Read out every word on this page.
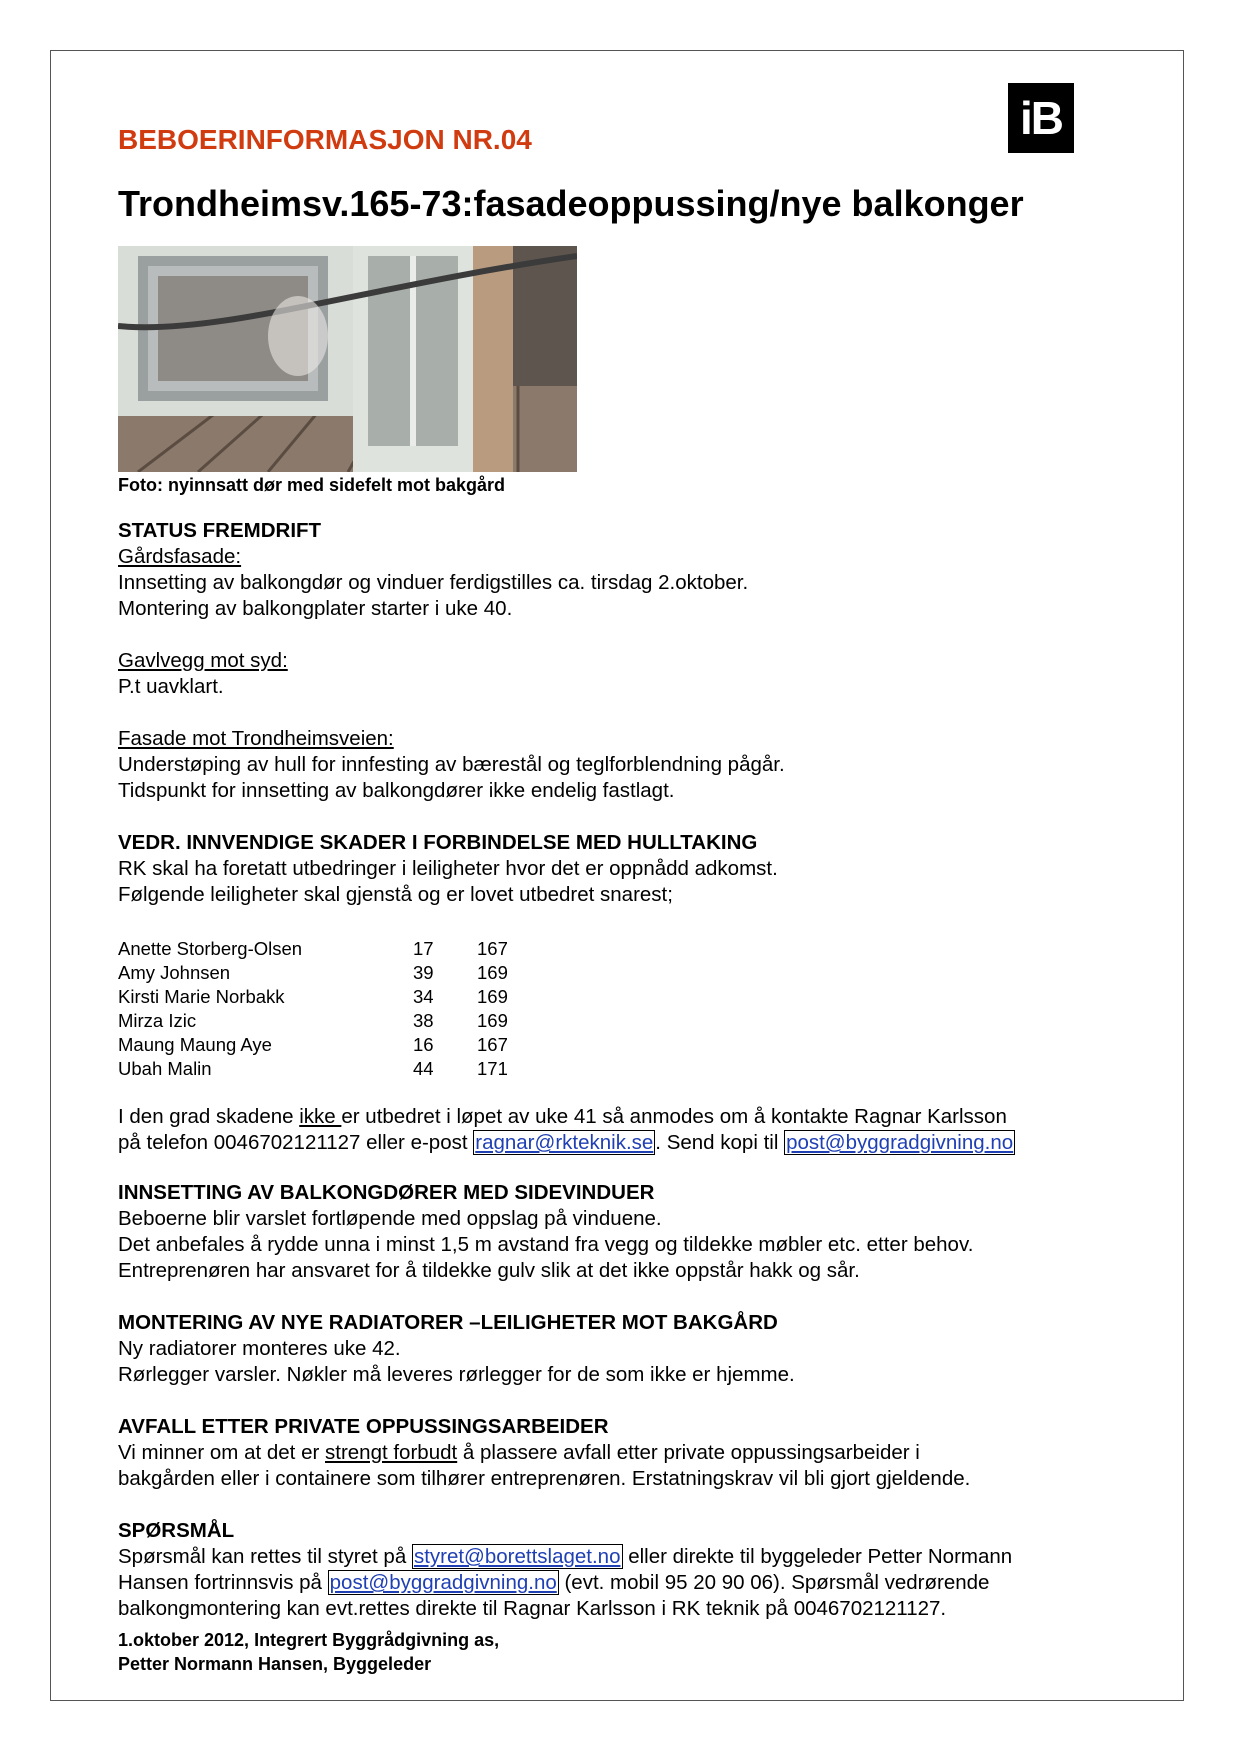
iB
BEBOERINFORMASJON NR.04
Trondheimsv.165-73:fasadeoppussing/nye balkonger
Foto: nyinnsatt dør med sidefelt mot bakgård
STATUS FREMDRIFT
Gårdsfasade:
Innsetting av balkongdør og vinduer ferdigstilles ca. tirsdag 2.oktober.
Montering av balkongplater starter i uke 40.
Gavlvegg mot syd:
P.t uavklart.
Fasade mot Trondheimsveien:
Understøping av hull for innfesting av bærestål og teglforblendning pågår.
Tidspunkt for innsetting av balkongdører ikke endelig fastlagt.
VEDR. INNVENDIGE SKADER I FORBINDELSE MED HULLTAKING
RK skal ha foretatt utbedringer i leiligheter hvor det er oppnådd adkomst.
Følgende leiligheter skal gjenstå og er lovet utbedret snarest;
Anette Storberg-Olsen	17	167
Amy Johnsen	39	169
Kirsti Marie Norbakk	34	169
Mirza Izic	38	169
Maung Maung Aye	16	167
Ubah Malin	44	171
I den grad skadene ikke er utbedret i løpet av uke 41 så anmodes om å kontakte Ragnar Karlsson
på telefon 0046702121127 eller e-post ragnar@rkteknik.se. Send kopi til post@byggradgivning.no
INNSETTING AV BALKONGDØRER MED SIDEVINDUER
Beboerne blir varslet fortløpende med oppslag på vinduene.
Det anbefales å rydde unna i minst 1,5 m avstand fra vegg og tildekke møbler etc. etter behov.
Entreprenøren har ansvaret for å tildekke gulv slik at det ikke oppstår hakk og sår.
MONTERING AV NYE RADIATORER –LEILIGHETER MOT BAKGÅRD
Ny radiatorer monteres uke 42.
Rørlegger varsler. Nøkler må leveres rørlegger for de som ikke er hjemme.
AVFALL ETTER PRIVATE OPPUSSINGSARBEIDER
Vi minner om at det er strengt forbudt å plassere avfall etter private oppussingsarbeider i
bakgården eller i containere som tilhører entreprenøren. Erstatningskrav vil bli gjort gjeldende.
SPØRSMÅL
Spørsmål kan rettes til styret på styret@borettslaget.no eller direkte til byggeleder Petter Normann
Hansen fortrinnsvis på post@byggradgivning.no (evt. mobil 95 20 90 06). Spørsmål vedrørende
balkongmontering kan evt.rettes direkte til Ragnar Karlsson i RK teknik på 0046702121127.
1.oktober 2012, Integrert Byggrådgivning as,
Petter Normann Hansen, Byggeleder
